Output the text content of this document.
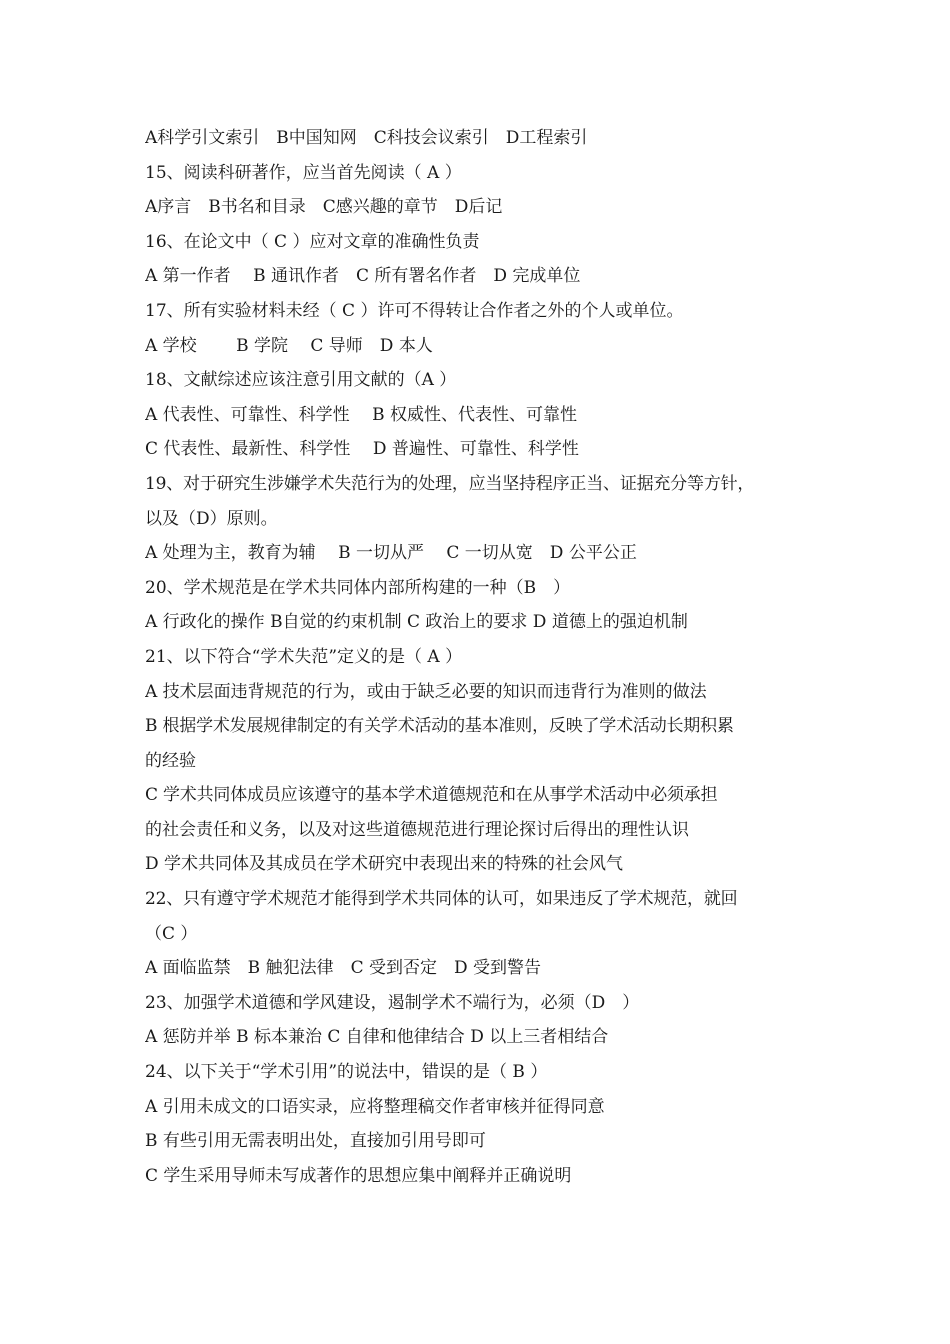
A科学引文索引　B中国知网　C科技会议索引　D工程索引
15、阅读科研著作，应当首先阅读（ A ）
A序言　B书名和目录　C感兴趣的章节　D后记
16、在论文中（ C ）应对文章的准确性负责
A 第一作者　 B 通讯作者　C 所有署名作者　D 完成单位
17、所有实验材料未经（ C ）许可不得转让合作者之外的个人或单位。
A 学校　　 B 学院　 C 导师　D 本人
18、文献综述应该注意引用文献的（A ）
A 代表性、可靠性、科学性　 B 权威性、代表性、可靠性
C 代表性、最新性、科学性　 D 普遍性、可靠性、科学性
19、对于研究生涉嫌学术失范行为的处理，应当坚持程序正当、证据充分等方针，
以及（D）原则。
A 处理为主，教育为辅　 B 一切从严　 C 一切从宽　D 公平公正
20、学术规范是在学术共同体内部所构建的一种（B　）
A 行政化的操作 B自觉的约束机制 C 政治上的要求 D 道德上的强迫机制
21、以下符合“学术失范”定义的是（ A ）
A 技术层面违背规范的行为，或由于缺乏必要的知识而违背行为准则的做法
B 根据学术发展规律制定的有关学术活动的基本准则，反映了学术活动长期积累
的经验
C 学术共同体成员应该遵守的基本学术道德规范和在从事学术活动中必须承担
的社会责任和义务，以及对这些道德规范进行理论探讨后得出的理性认识
D 学术共同体及其成员在学术研究中表现出来的特殊的社会风气
22、只有遵守学术规范才能得到学术共同体的认可，如果违反了学术规范，就回
（C ）
A 面临监禁　B 触犯法律　C 受到否定　D 受到警告
23、加强学术道德和学风建设，遏制学术不端行为，必须（D　）
A 惩防并举 B 标本兼治 C 自律和他律结合 D 以上三者相结合
24、以下关于“学术引用”的说法中，错误的是（ B ）
A 引用未成文的口语实录，应将整理稿交作者审核并征得同意
B 有些引用无需表明出处，直接加引用号即可
C 学生采用导师未写成著作的思想应集中阐释并正确说明
